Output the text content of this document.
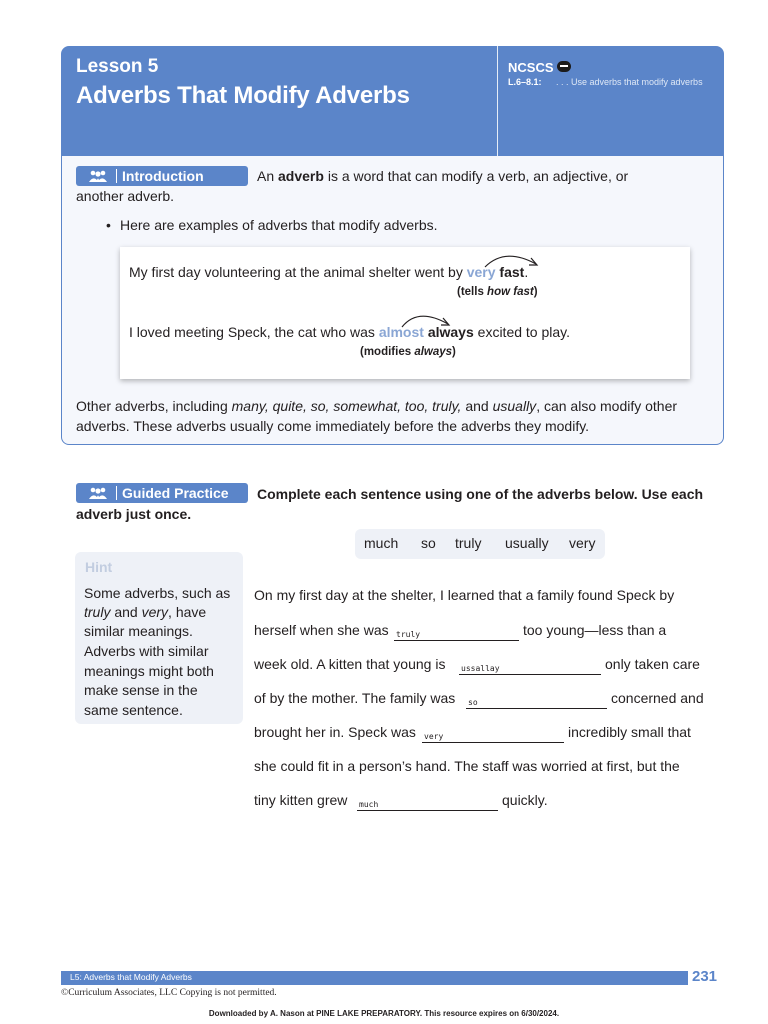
Lesson 5
Adverbs That Modify Adverbs
NCSCS
L.6–8.1: . . . Use adverbs that modify adverbs
Introduction	An adverb is a word that can modify a verb, an adjective, or
another adverb.
• Here are examples of adverbs that modify adverbs.
My first day volunteering at the animal shelter went by very fast.
(tells how fast)
I loved meeting Speck, the cat who was almost always excited to play.
(modifies always)
Other adverbs, including many, quite, so, somewhat, too, truly, and usually, can also modify other
adverbs. These adverbs usually come immediately before the adverbs they modify.
Guided Practice Complete each sentence using one of the adverbs below. Use each
adverb just once.
much so truly usually very
Hint
Some adverbs, such as
truly and very, have
similar meanings.
Adverbs with similar
meanings might both
make sense in the
same sentence.
On my first day at the shelter, I learned that a family found Speck by
herself when she was truly	too young—less than a
week old. A kitten that young is ussallay	only taken care
of by the mother. The family was so	concerned and
brought her in. Speck was very	incredibly small that
she could fit in a person’s hand. The staff was worried at first, but the
tiny kitten grew much	quickly.
L5: Adverbs that Modify Adverbs	231
©Curriculum Associates, LLC Copying is not permitted.
Downloaded by A. Nason at PINE LAKE PREPARATORY. This resource expires on 6/30/2024.
